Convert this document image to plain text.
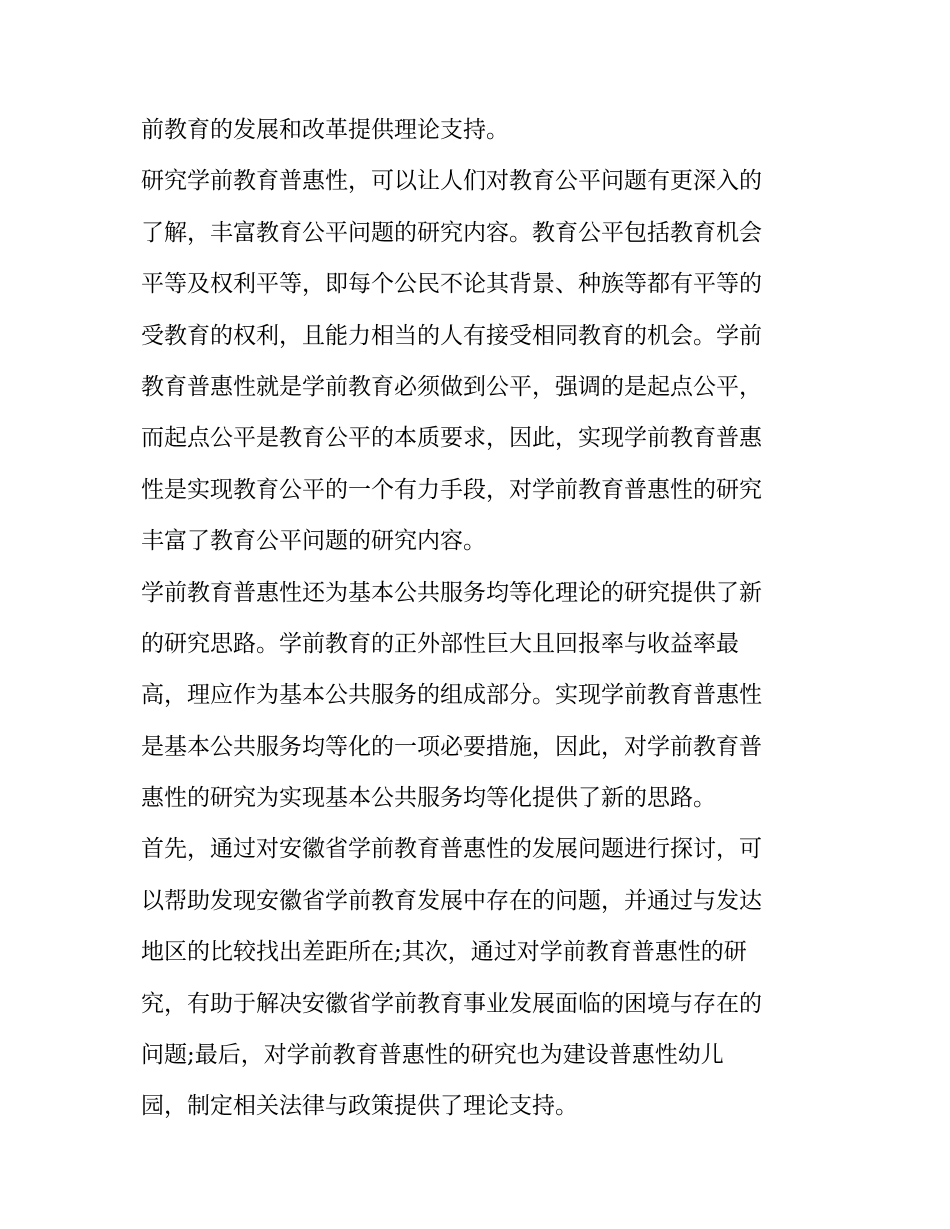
前教育的发展和改革提供理论支持。
研究学前教育普惠性，可以让人们对教育公平问题有更深入的
了解，丰富教育公平问题的研究内容。教育公平包括教育机会
平等及权利平等，即每个公民不论其背景、种族等都有平等的
受教育的权利，且能力相当的人有接受相同教育的机会。学前
教育普惠性就是学前教育必须做到公平，强调的是起点公平，
而起点公平是教育公平的本质要求，因此，实现学前教育普惠
性是实现教育公平的一个有力手段，对学前教育普惠性的研究
丰富了教育公平问题的研究内容。
学前教育普惠性还为基本公共服务均等化理论的研究提供了新
的研究思路。学前教育的正外部性巨大且回报率与收益率最
高，理应作为基本公共服务的组成部分。实现学前教育普惠性
是基本公共服务均等化的一项必要措施，因此，对学前教育普
惠性的研究为实现基本公共服务均等化提供了新的思路。
首先，通过对安徽省学前教育普惠性的发展问题进行探讨，可
以帮助发现安徽省学前教育发展中存在的问题，并通过与发达
地区的比较找出差距所在;其次，通过对学前教育普惠性的研
究，有助于解决安徽省学前教育事业发展面临的困境与存在的
问题;最后，对学前教育普惠性的研究也为建设普惠性幼儿
园，制定相关法律与政策提供了理论支持。
